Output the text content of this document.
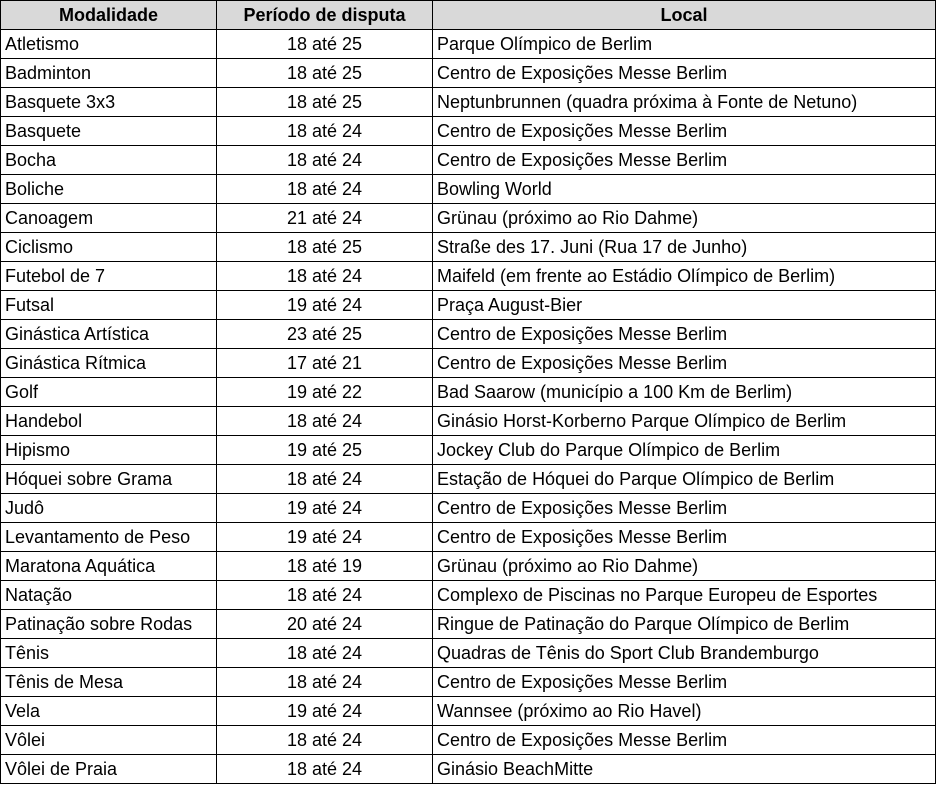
Modalidade	Período de disputa	Local
Atletismo	18 até 25	Parque Olímpico de Berlim
Badminton	18 até 25	Centro de Exposições Messe Berlim
Basquete 3x3	18 até 25	Neptunbrunnen (quadra próxima à Fonte de Netuno)
Basquete	18 até 24	Centro de Exposições Messe Berlim
Bocha	18 até 24	Centro de Exposições Messe Berlim
Boliche	18 até 24	Bowling World
Canoagem	21 até 24	Grünau (próximo ao Rio Dahme)
Ciclismo	18 até 25	Straße des 17. Juni (Rua 17 de Junho)
Futebol de 7	18 até 24	Maifeld (em frente ao Estádio Olímpico de Berlim)
Futsal	19 até 24	Praça August-Bier
Ginástica Artística	23 até 25	Centro de Exposições Messe Berlim
Ginástica Rítmica	17 até 21	Centro de Exposições Messe Berlim
Golf	19 até 22	Bad Saarow (município a 100 Km de Berlim)
Handebol	18 até 24	Ginásio Horst-Korberno Parque Olímpico de Berlim
Hipismo	19 até 25	Jockey Club do Parque Olímpico de Berlim
Hóquei sobre Grama	18 até 24	Estação de Hóquei do Parque Olímpico de Berlim
Judô	19 até 24	Centro de Exposições Messe Berlim
Levantamento de Peso	19 até 24	Centro de Exposições Messe Berlim
Maratona Aquática	18 até 19	Grünau (próximo ao Rio Dahme)
Natação	18 até 24	Complexo de Piscinas no Parque Europeu de Esportes
Patinação sobre Rodas	20 até 24	Ringue de Patinação do Parque Olímpico de Berlim
Tênis	18 até 24	Quadras de Tênis do Sport Club Brandemburgo
Tênis de Mesa	18 até 24	Centro de Exposições Messe Berlim
Vela	19 até 24	Wannsee (próximo ao Rio Havel)
Vôlei	18 até 24	Centro de Exposições Messe Berlim
Vôlei de Praia	18 até 24	Ginásio BeachMitte
